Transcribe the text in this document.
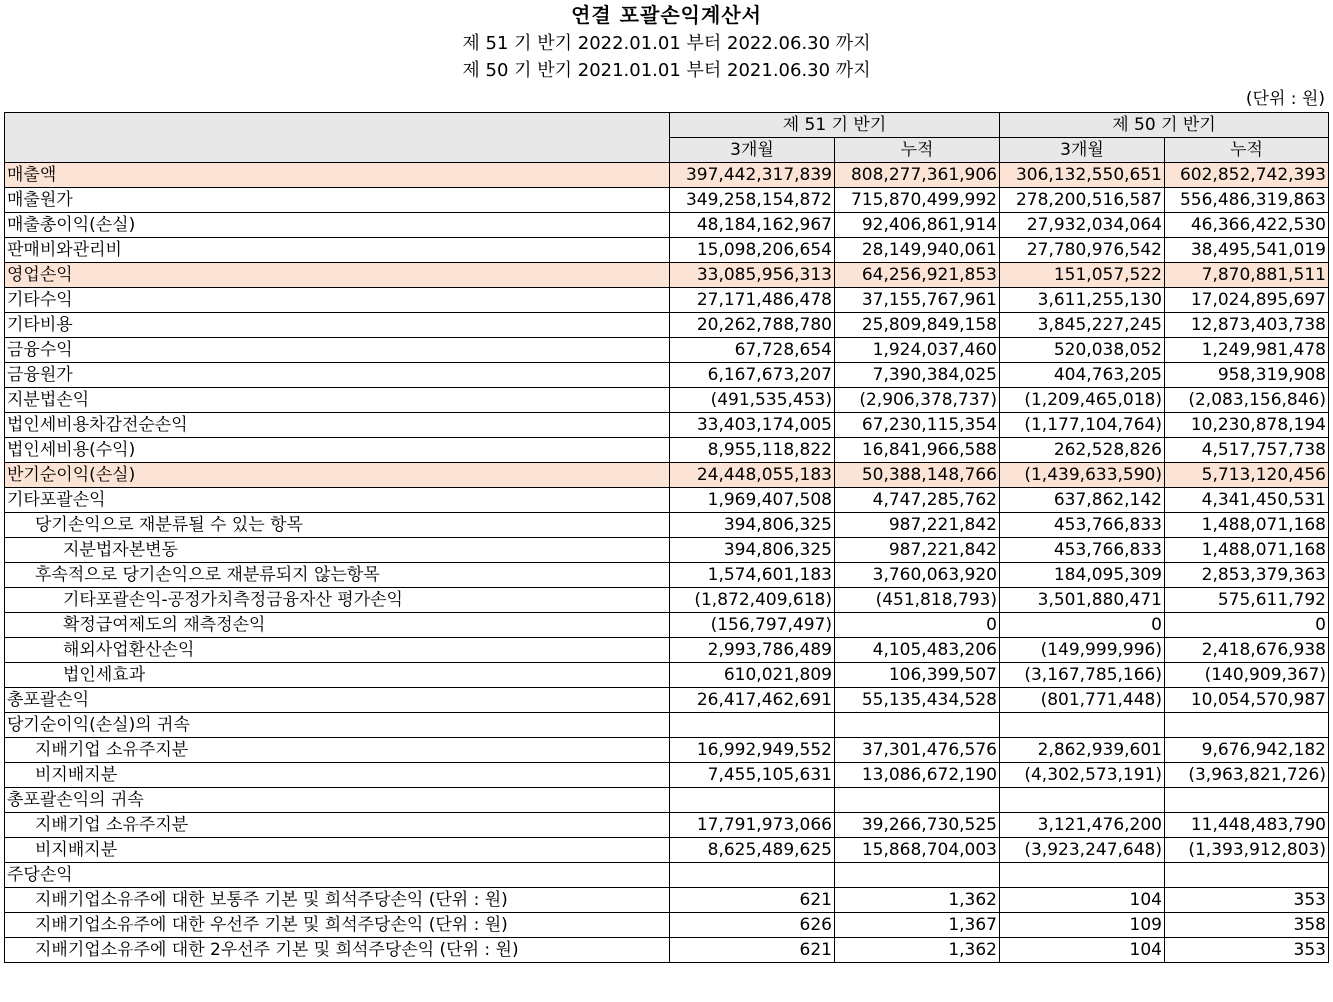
연결 포괄손익계산서
제 51 기 반기 2022.01.01 부터 2022.06.30 까지
제 50 기 반기 2021.01.01 부터 2021.06.30 까지
(단위 : 원)
	제 51 기 반기		제 50 기 반기	
	3개월	누적	3개월	누적
매출액	397,442,317,839	808,277,361,906	306,132,550,651	602,852,742,393
매출원가	349,258,154,872	715,870,499,992	278,200,516,587	556,486,319,863
매출총이익(손실)	48,184,162,967	92,406,861,914	27,932,034,064	46,366,422,530
판매비와관리비	15,098,206,654	28,149,940,061	27,780,976,542	38,495,541,019
영업손익	33,085,956,313	64,256,921,853	151,057,522	7,870,881,511
기타수익	27,171,486,478	37,155,767,961	3,611,255,130	17,024,895,697
기타비용	20,262,788,780	25,809,849,158	3,845,227,245	12,873,403,738
금융수익	67,728,654	1,924,037,460	520,038,052	1,249,981,478
금융원가	6,167,673,207	7,390,384,025	404,763,205	958,319,908
지분법손익	(491,535,453)	(2,906,378,737)	(1,209,465,018)	(2,083,156,846)
법인세비용차감전순손익	33,403,174,005	67,230,115,354	(1,177,104,764)	10,230,878,194
법인세비용(수익)	8,955,118,822	16,841,966,588	262,528,826	4,517,757,738
반기순이익(손실)	24,448,055,183	50,388,148,766	(1,439,633,590)	5,713,120,456
기타포괄손익	1,969,407,508	4,747,285,762	637,862,142	4,341,450,531
당기손익으로 재분류될 수 있는 항목	394,806,325	987,221,842	453,766,833	1,488,071,168
지분법자본변동	394,806,325	987,221,842	453,766,833	1,488,071,168
후속적으로 당기손익으로 재분류되지 않는항목	1,574,601,183	3,760,063,920	184,095,309	2,853,379,363
기타포괄손익-공정가치측정금융자산 평가손익	(1,872,409,618)	(451,818,793)	3,501,880,471	575,611,792
확정급여제도의 재측정손익	(156,797,497)	0	0	0
해외사업환산손익	2,993,786,489	4,105,483,206	(149,999,996)	2,418,676,938
법인세효과	610,021,809	106,399,507	(3,167,785,166)	(140,909,367)
총포괄손익	26,417,462,691	55,135,434,528	(801,771,448)	10,054,570,987
당기순이익(손실)의 귀속				
지배기업 소유주지분	16,992,949,552	37,301,476,576	2,862,939,601	9,676,942,182
비지배지분	7,455,105,631	13,086,672,190	(4,302,573,191)	(3,963,821,726)
총포괄손익의 귀속				
지배기업 소유주지분	17,791,973,066	39,266,730,525	3,121,476,200	11,448,483,790
비지배지분	8,625,489,625	15,868,704,003	(3,923,247,648)	(1,393,912,803)
주당손익				
지배기업소유주에 대한 보통주 기본 및 희석주당손익 (단위 : 원)	621	1,362	104	353
지배기업소유주에 대한 우선주 기본 및 희석주당손익 (단위 : 원)	626	1,367	109	358
지배기업소유주에 대한 2우선주 기본 및 희석주당손익 (단위 : 원)	621	1,362	104	353
